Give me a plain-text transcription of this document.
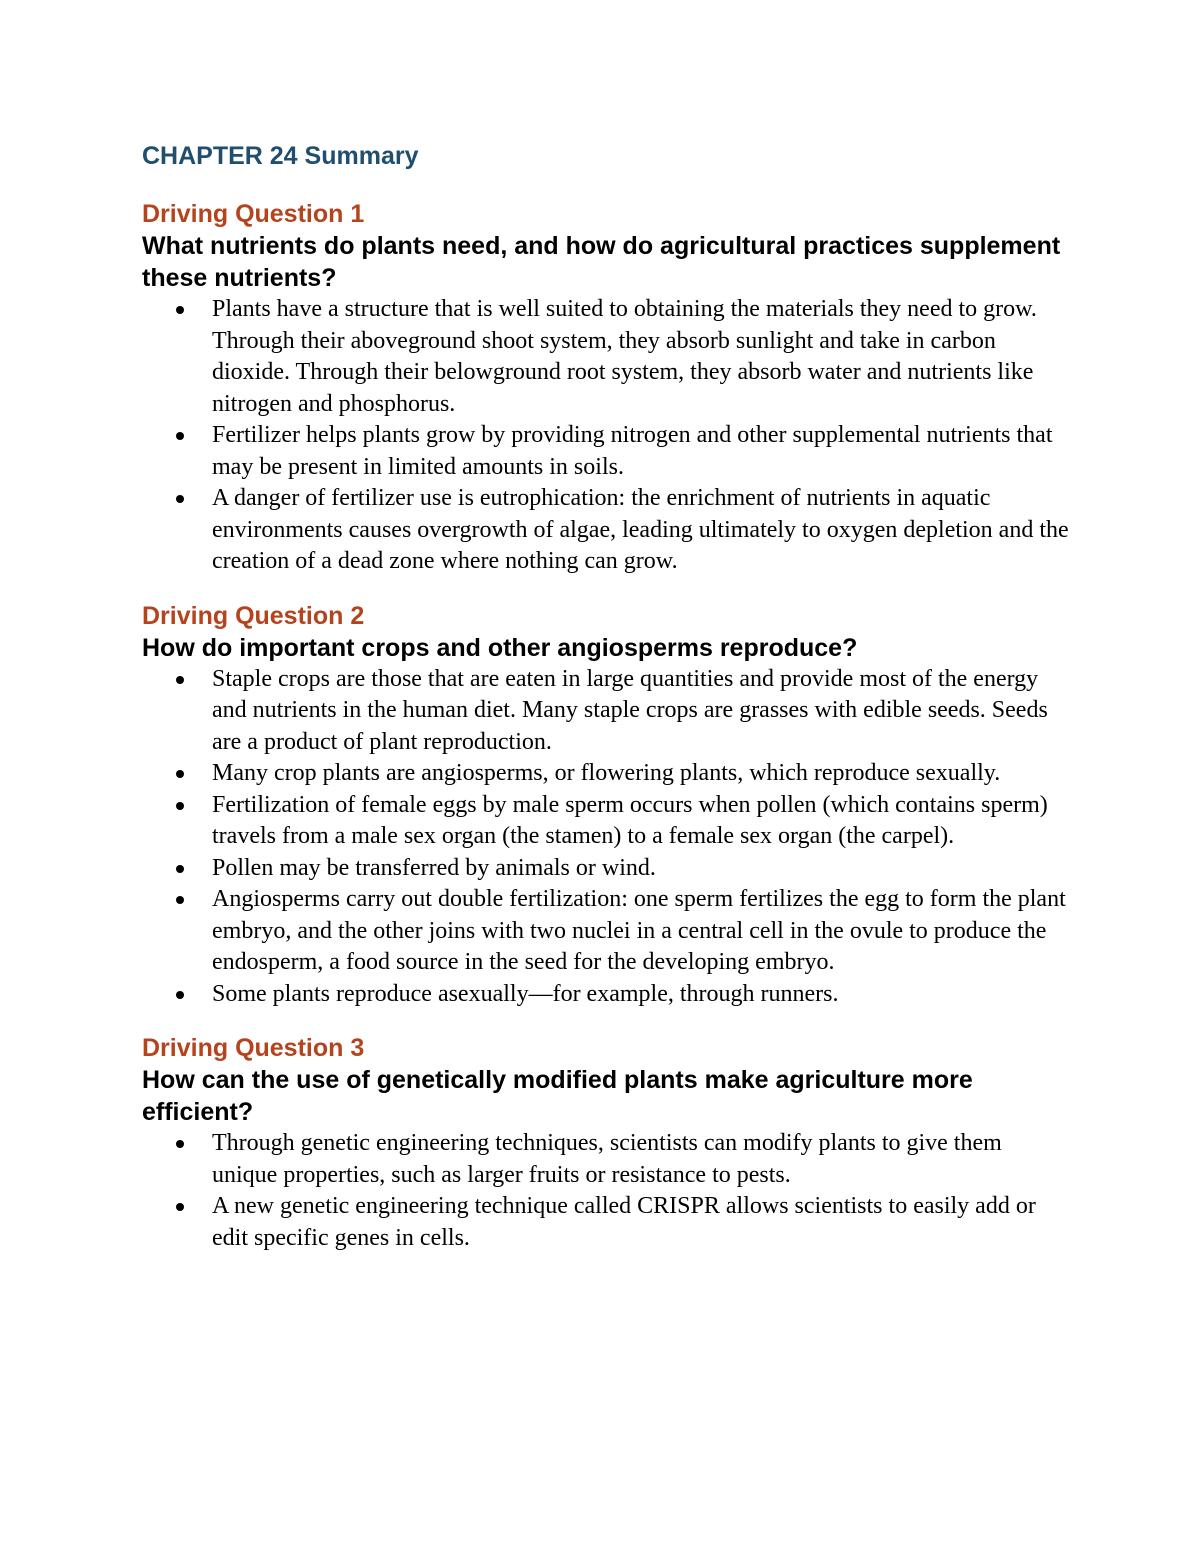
CHAPTER 24 Summary
Driving Question 1
What nutrients do plants need, and how do agricultural practices supplement these nutrients?
Plants have a structure that is well suited to obtaining the materials they need to grow. Through their aboveground shoot system, they absorb sunlight and take in carbon dioxide. Through their belowground root system, they absorb water and nutrients like nitrogen and phosphorus.
Fertilizer helps plants grow by providing nitrogen and other supplemental nutrients that may be present in limited amounts in soils.
A danger of fertilizer use is eutrophication: the enrichment of nutrients in aquatic environments causes overgrowth of algae, leading ultimately to oxygen depletion and the creation of a dead zone where nothing can grow.
Driving Question 2
How do important crops and other angiosperms reproduce?
Staple crops are those that are eaten in large quantities and provide most of the energy and nutrients in the human diet. Many staple crops are grasses with edible seeds. Seeds are a product of plant reproduction.
Many crop plants are angiosperms, or flowering plants, which reproduce sexually.
Fertilization of female eggs by male sperm occurs when pollen (which contains sperm) travels from a male sex organ (the stamen) to a female sex organ (the carpel).
Pollen may be transferred by animals or wind.
Angiosperms carry out double fertilization: one sperm fertilizes the egg to form the plant embryo, and the other joins with two nuclei in a central cell in the ovule to produce the endosperm, a food source in the seed for the developing embryo.
Some plants reproduce asexually—for example, through runners.
Driving Question 3
How can the use of genetically modified plants make agriculture more efficient?
Through genetic engineering techniques, scientists can modify plants to give them unique properties, such as larger fruits or resistance to pests.
A new genetic engineering technique called CRISPR allows scientists to easily add or edit specific genes in cells.
